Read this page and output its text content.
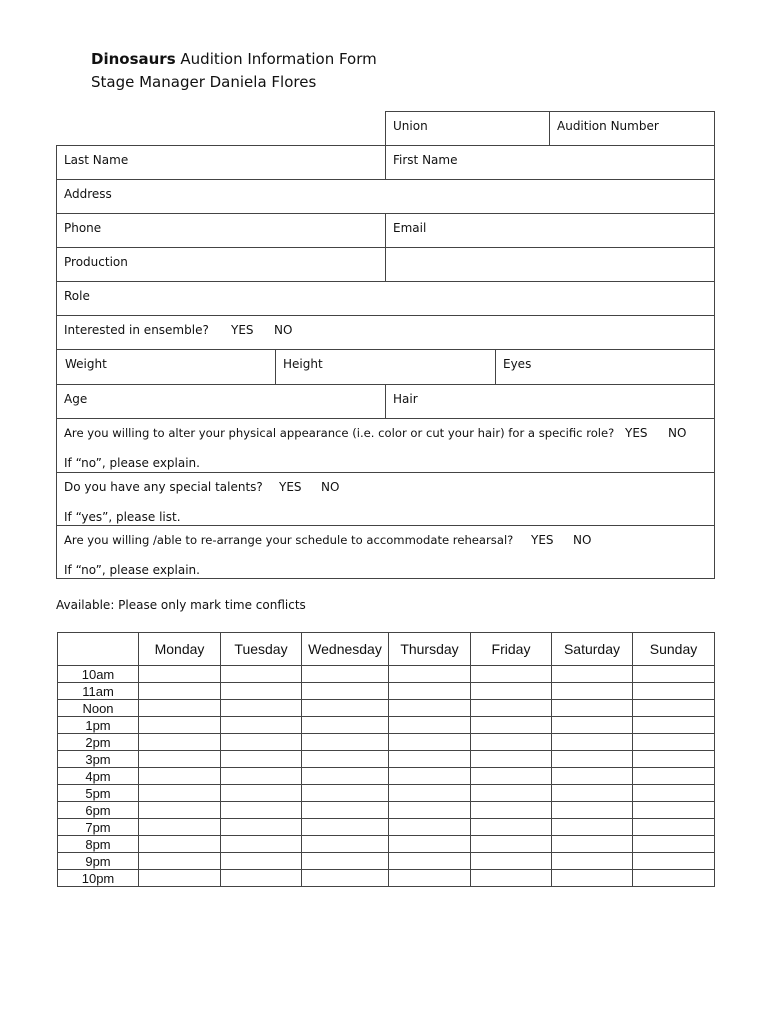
Dinosaurs Audition Information Form
Stage Manager Daniela Flores
Union	Audition Number
Last Name	First Name
Address
Phone	Email
Production
Role
Interested in ensemble? YES NO
Weight	Height	Eyes
Age	Hair
Are you willing to alter your physical appearance (i.e. color or cut your hair) for a specific role? YES NO
If “no”, please explain.
Do you have any special talents? YES NO
If “yes”, please list.
Are you willing /able to re-arrange your schedule to accommodate rehearsal? YES NO
If “no”, please explain.
Available: Please only mark time conflicts
	Monday	Tuesday	Wednesday	Thursday	Friday	Saturday	Sunday
10am							
11am							
Noon							
1pm							
2pm							
3pm							
4pm							
5pm							
6pm							
7pm							
8pm							
9pm							
10pm							
